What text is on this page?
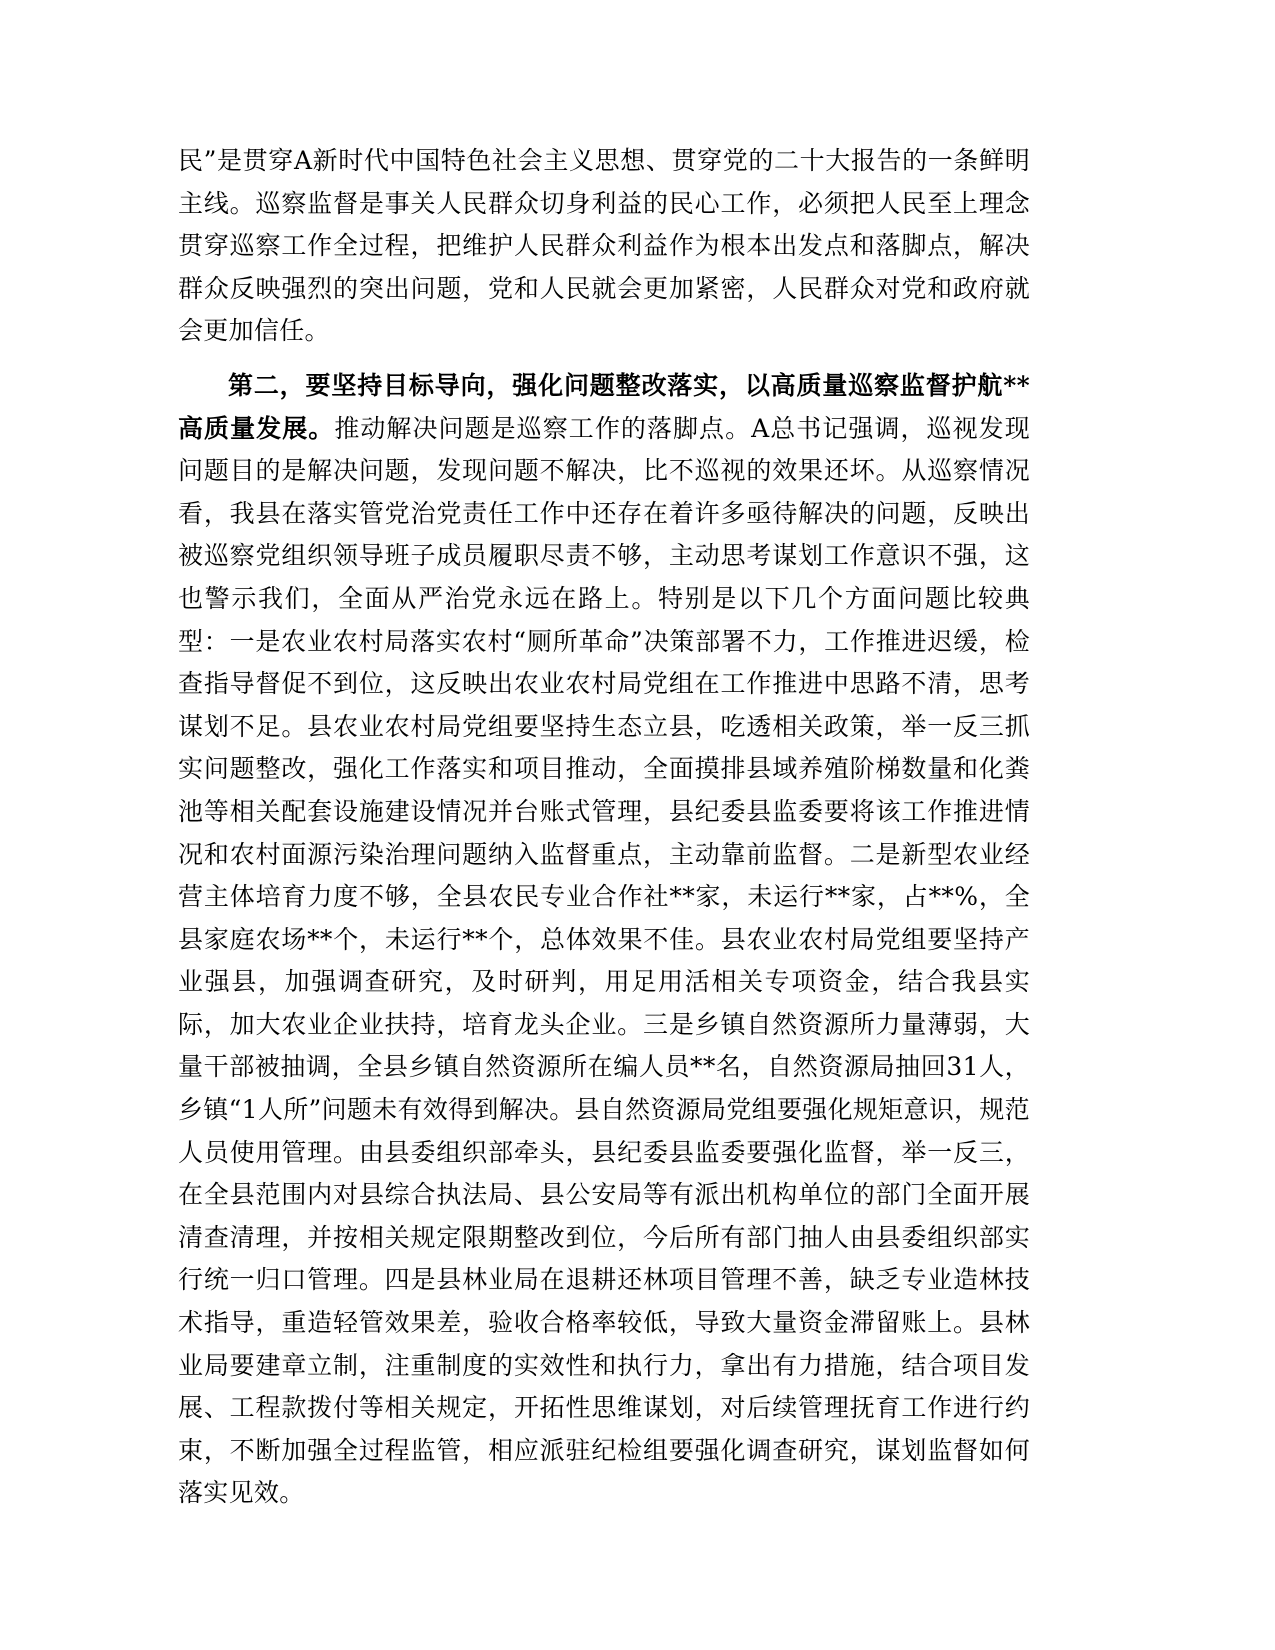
民”是贯穿A新时代中国特色社会主义思想、贯穿党的二十大报告的一条鲜明主线。巡察监督是事关人民群众切身利益的民心工作，必须把人民至上理念贯穿巡察工作全过程，把维护人民群众利益作为根本出发点和落脚点，解决群众反映强烈的突出问题，党和人民就会更加紧密，人民群众对党和政府就会更加信任。

第二，要坚持目标导向，强化问题整改落实，以高质量巡察监督护航**高质量发展。推动解决问题是巡察工作的落脚点。A总书记强调，巡视发现问题目的是解决问题，发现问题不解决，比不巡视的效果还坏。从巡察情况看，我县在落实管党治党责任工作中还存在着许多亟待解决的问题，反映出被巡察党组织领导班子成员履职尽责不够，主动思考谋划工作意识不强，这也警示我们，全面从严治党永远在路上。特别是以下几个方面问题比较典型：一是农业农村局落实农村“厕所革命”决策部署不力，工作推进迟缓，检查指导督促不到位，这反映出农业农村局党组在工作推进中思路不清，思考谋划不足。县农业农村局党组要坚持生态立县，吃透相关政策，举一反三抓实问题整改，强化工作落实和项目推动，全面摸排县域养殖阶梯数量和化粪池等相关配套设施建设情况并台账式管理，县纪委县监委要将该工作推进情况和农村面源污染治理问题纳入监督重点，主动靠前监督。二是新型农业经营主体培育力度不够，全县农民专业合作社**家，未运行**家，占**%，全县家庭农场**个，未运行**个，总体效果不佳。县农业农村局党组要坚持产业强县，加强调查研究，及时研判，用足用活相关专项资金，结合我县实际，加大农业企业扶持，培育龙头企业。三是乡镇自然资源所力量薄弱，大量干部被抽调，全县乡镇自然资源所在编人员**名，自然资源局抽回31人，乡镇“1人所”问题未有效得到解决。县自然资源局党组要强化规矩意识，规范人员使用管理。由县委组织部牵头，县纪委县监委要强化监督，举一反三，在全县范围内对县综合执法局、县公安局等有派出机构单位的部门全面开展清查清理，并按相关规定限期整改到位，今后所有部门抽人由县委组织部实行统一归口管理。四是县林业局在退耕还林项目管理不善，缺乏专业造林技术指导，重造轻管效果差，验收合格率较低，导致大量资金滞留账上。县林业局要建章立制，注重制度的实效性和执行力，拿出有力措施，结合项目发展、工程款拨付等相关规定，开拓性思维谋划，对后续管理抚育工作进行约束，不断加强全过程监管，相应派驻纪检组要强化调查研究，谋划监督如何落实见效。
